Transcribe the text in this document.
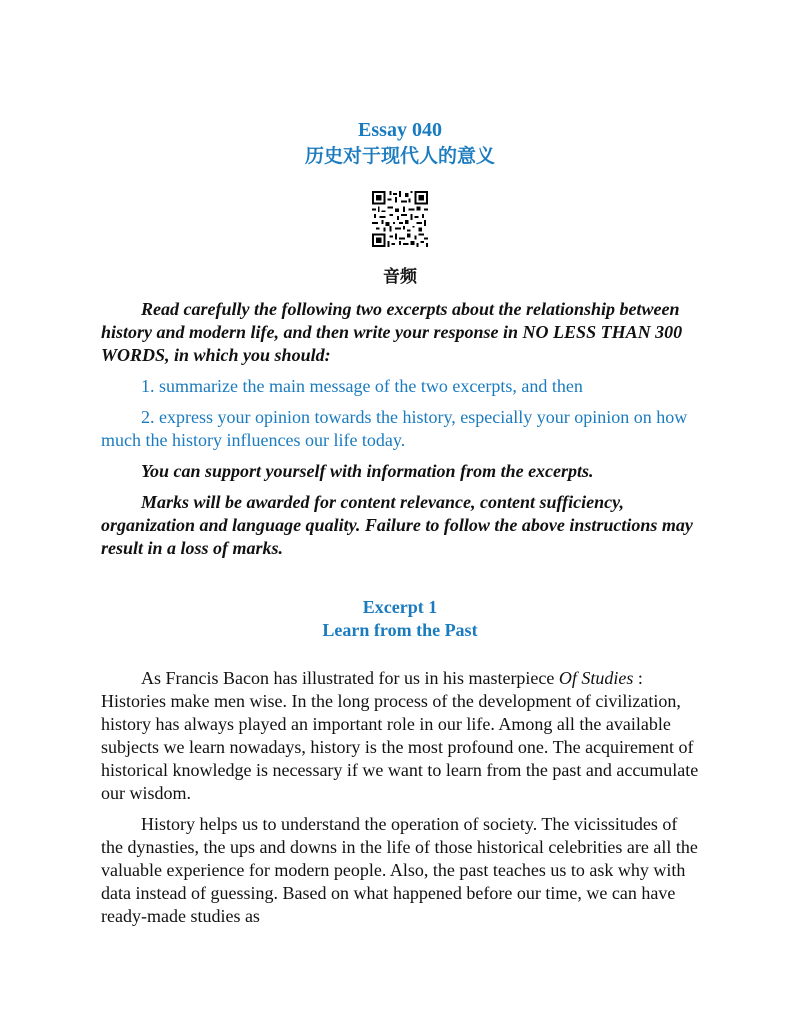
Essay 040
历史对于现代人的意义
音频

Read carefully the following two excerpts about the relationship between history and modern life, and then write your response in NO LESS THAN 300 WORDS, in which you should:

1. summarize the main message of the two excerpts, and then

2. express your opinion towards the history, especially your opinion on how much the history influences our life today.

You can support yourself with information from the excerpts.

Marks will be awarded for content relevance, content sufficiency, organization and language quality. Failure to follow the above instructions may result in a loss of marks.

Excerpt 1
Learn from the Past

As Francis Bacon has illustrated for us in his masterpiece Of Studies : Histories make men wise. In the long process of the development of civilization, history has always played an important role in our life. Among all the available subjects we learn nowadays, history is the most profound one. The acquirement of historical knowledge is necessary if we want to learn from the past and accumulate our wisdom.

History helps us to understand the operation of society. The vicissitudes of the dynasties, the ups and downs in the life of those historical celebrities are all the valuable experience for modern people. Also, the past teaches us to ask why with data instead of guessing. Based on what happened before our time, we can have ready-made studies as
